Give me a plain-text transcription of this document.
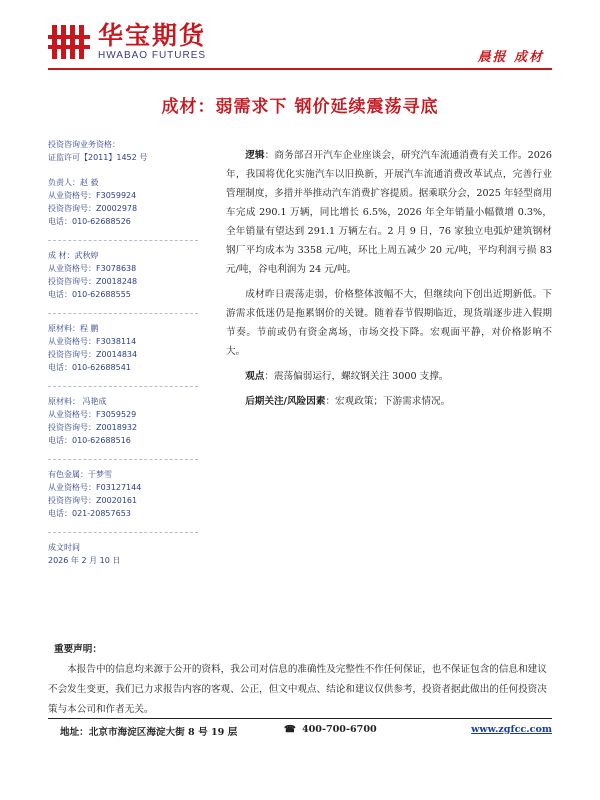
华宝期货
HWABAO FUTURES	晨报 成材
成材：弱需求下 钢价延续震荡寻底
投资咨询业务资格：
证监许可【2011】1452 号
负责人：赵 毅
从业资格号：F3059924
投资咨询号：Z0002978
电话：010-62688526
成 材：武秋婷
从业资格号：F3078638
投资咨询号：Z0018248
电话：010-62688555
原材料：程 鹏
从业资格号：F3038114
投资咨询号：Z0014834
电话：010-62688541
原材料： 冯艳成
从业资格号：F3059529
投资咨询号：Z0018932
电话：010-62688516
有色金属：于梦雪
从业资格号：F03127144
投资咨询号：Z0020161
电话：021-20857653
成文时间
2026 年 2 月 10 日

逻辑：商务部召开汽车企业座谈会，研究汽车流通消费有关工作。2026 年，我国将优化实施汽车以旧换新，开展汽车流通消费改革试点，完善行业管理制度，多措并举推动汽车消费扩容提质。据乘联分会，2025 年轻型商用车完成 290.1 万辆，同比增长 6.5%，2026 年全年销量小幅微增 0.3%，全年销量有望达到 291.1 万辆左右。2 月 9 日，76 家独立电弧炉建筑钢材钢厂平均成本为 3358 元/吨，环比上周五减少 20 元/吨，平均利润亏损 83 元/吨，谷电利润为 24 元/吨。

成材昨日震荡走弱，价格整体波幅不大，但继续向下创出近期新低。下游需求低迷仍是拖累钢价的关键。随着春节假期临近，现货端逐步进入假期节奏。节前或仍有资金离场，市场交投下降。宏观面平静，对价格影响不大。

观点：震荡偏弱运行，螺纹钢关注 3000 支撑。

后期关注/风险因素：宏观政策；下游需求情况。

重要声明：
本报告中的信息均来源于公开的资料，我公司对信息的准确性及完整性不作任何保证，也不保证包含的信息和建议不会发生变更，我们已力求报告内容的客观、公正，但文中观点、结论和建议仅供参考，投资者据此做出的任何投资决策与本公司和作者无关。
地址：北京市海淀区海淀大街 8 号 19 层	☎ 400-700-6700	www.zgfcc.com
